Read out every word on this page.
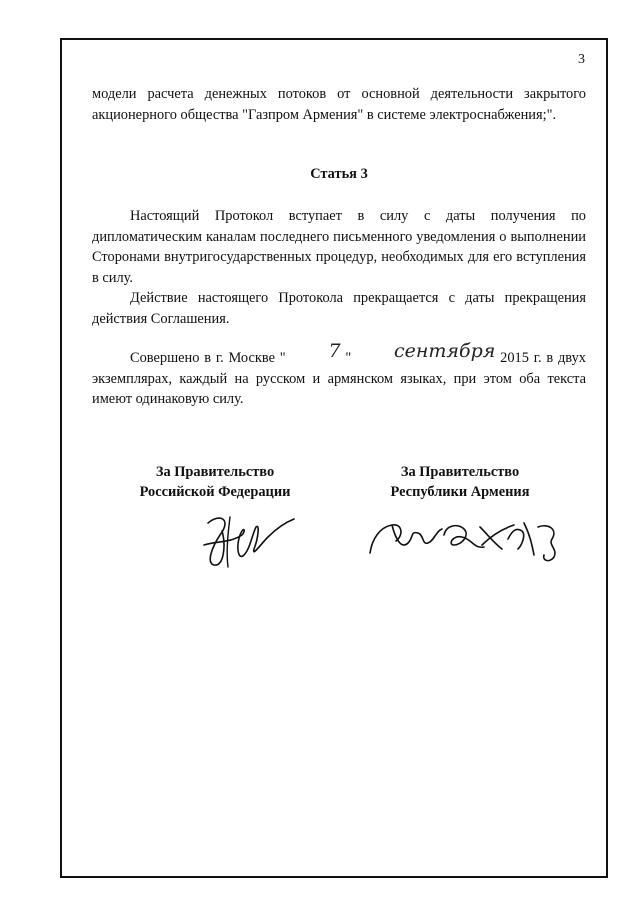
3

модели расчета денежных потоков от основной деятельности закрытого акционерного общества "Газпром Армения" в системе электроснабжения;".

Статья 3

Настоящий Протокол вступает в силу с даты получения по дипломатическим каналам последнего письменного уведомления о выполнении Сторонами внутригосударственных процедур, необходимых для его вступления в силу.

Действие настоящего Протокола прекращается с даты прекращения действия Соглашения.

Совершено в г. Москве " 7 " сентября 2015 г. в двух экземплярах, каждый на русском и армянском языках, при этом оба текста имеют одинаковую силу.

За Правительство
Российской Федерации
За Правительство
Республики Армения
